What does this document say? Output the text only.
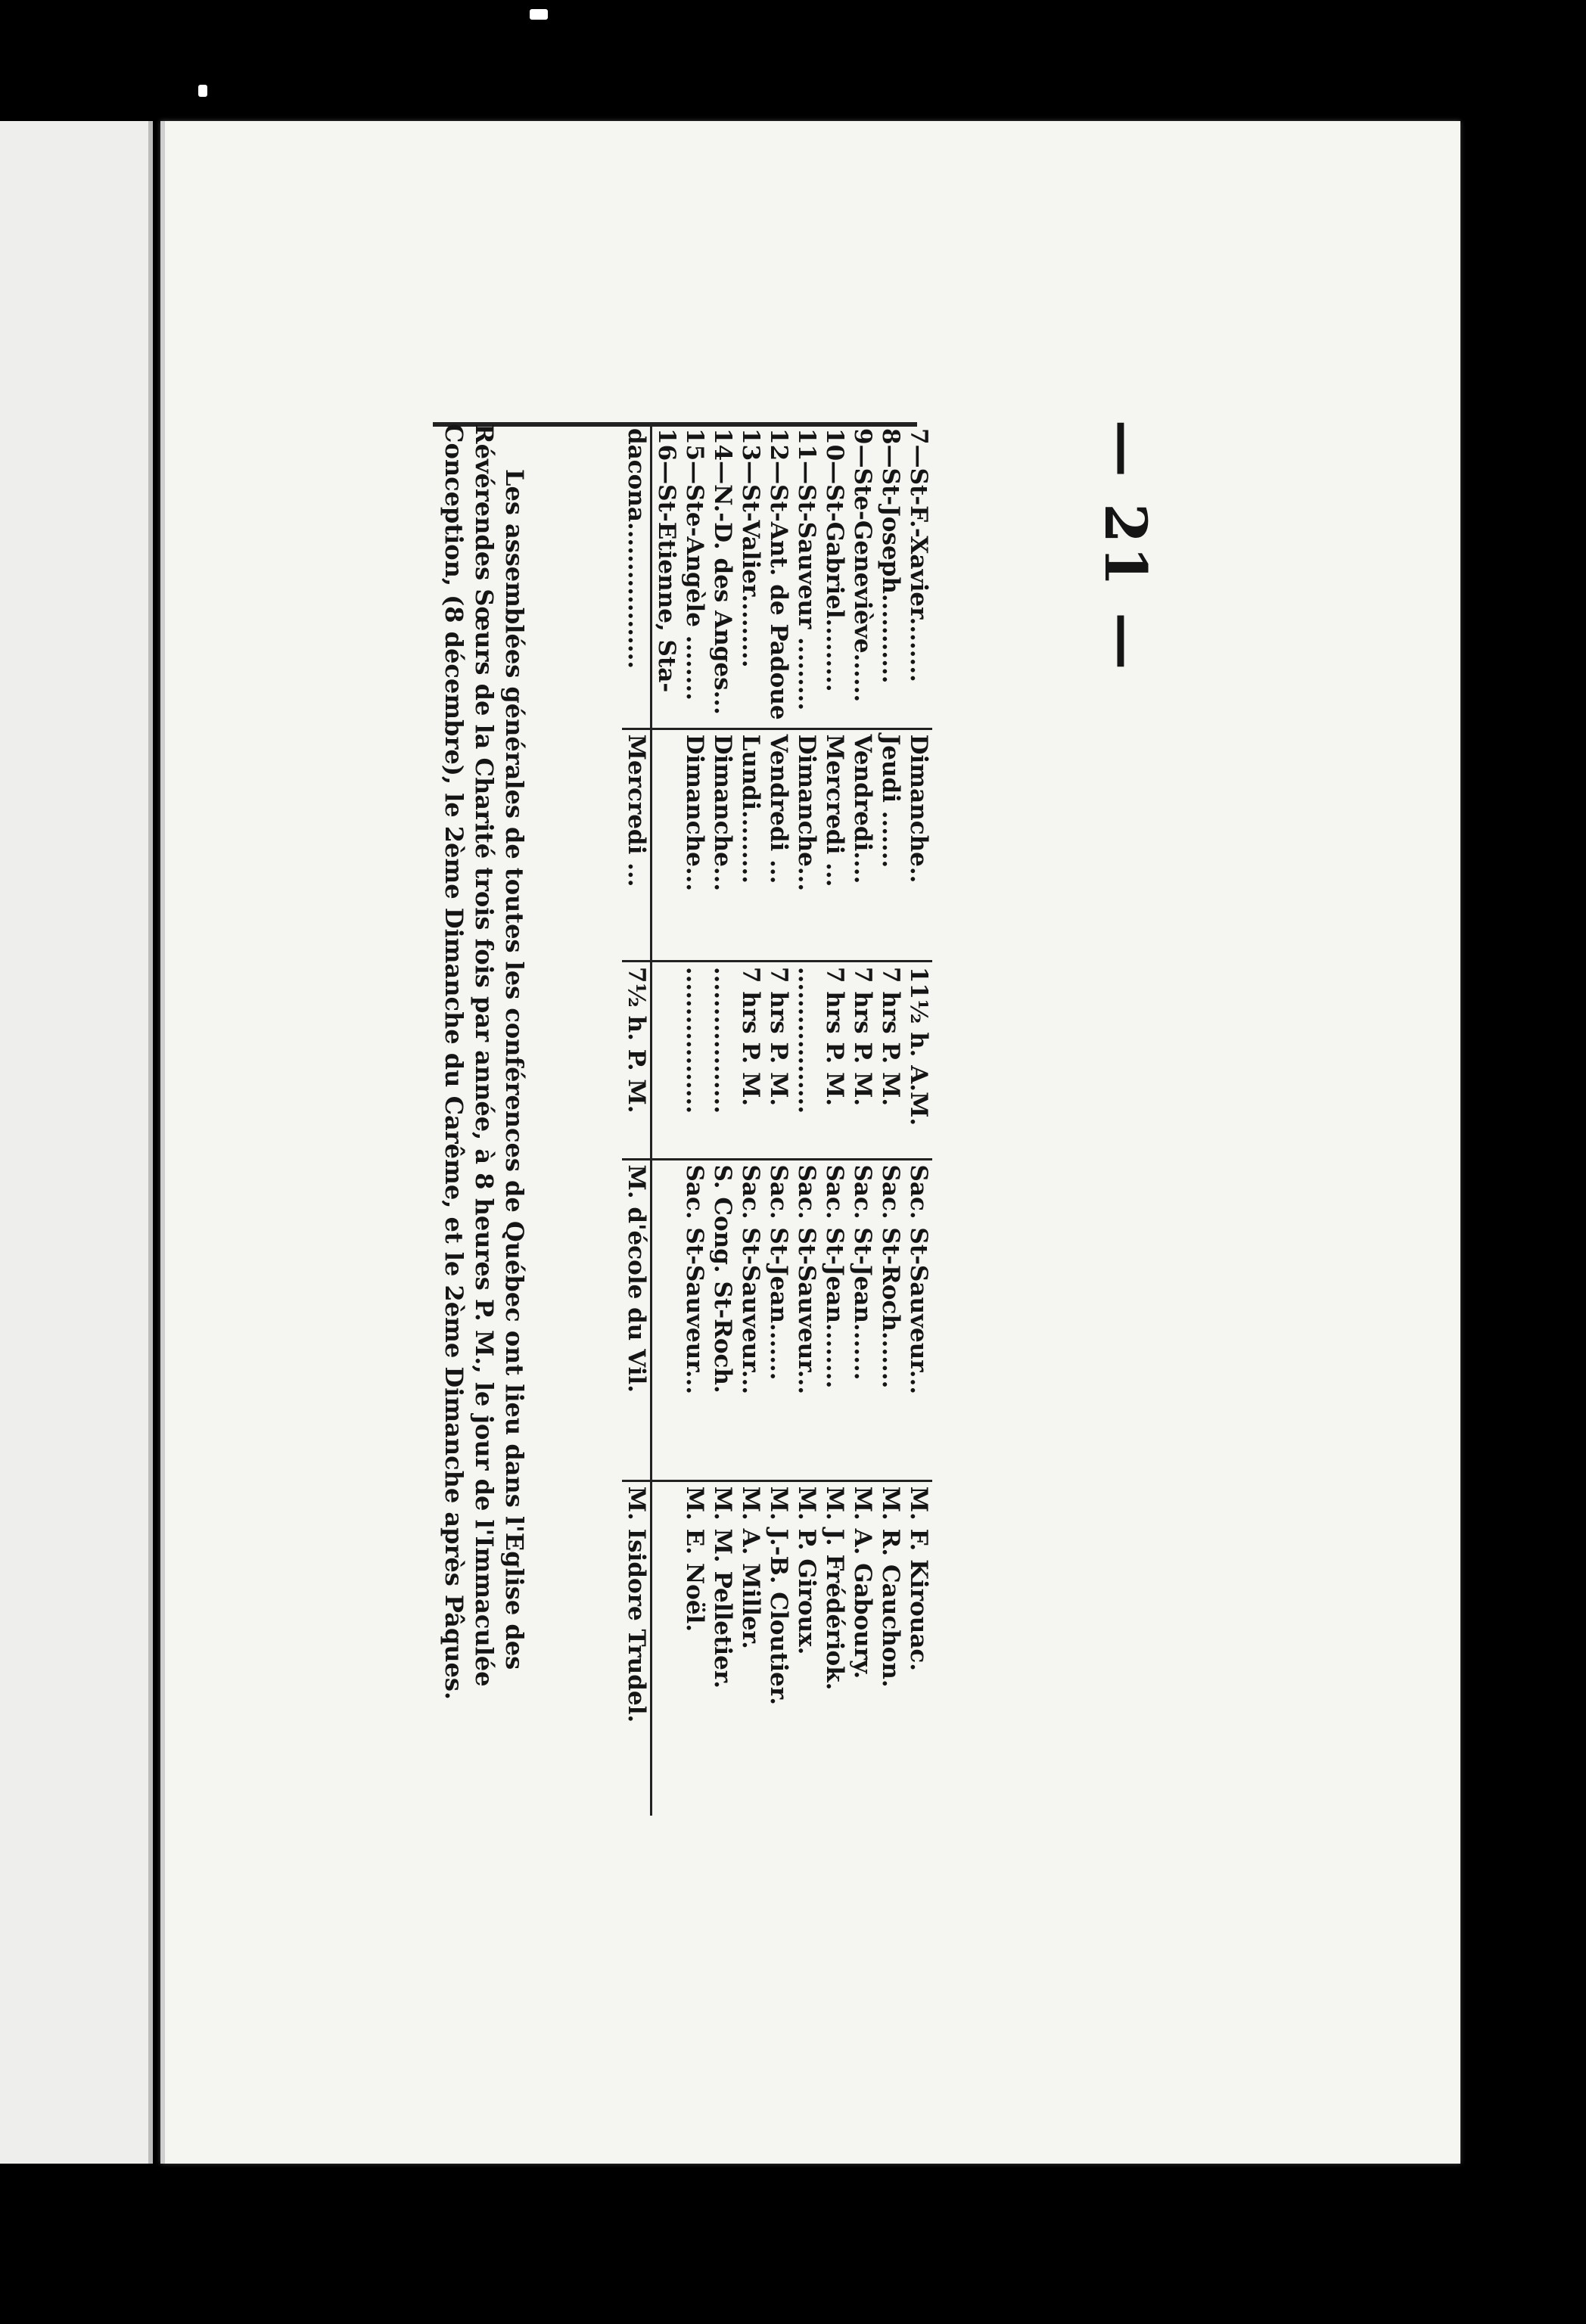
— 21 —
7—St-F.-Xavier........	Dimanche..	11½ h. A.M.	Sac. St-Sauveur...	M. F. Kirouac.
8—St-Joseph...........	Jeudi .......	7 hrs P. M.	Sac. St-Roch.......	M. R. Cauchon.
9—Ste-Geneviève......	Vendredi....	7 hrs P. M.	Sac. St-Jean.......	M. A. Gaboury.
10—St-Gabriel.........	Mercredi ...	7 hrs P. M.	Sac. St-Jean........	M. J. Frédériok.
11—St-Sauveur .........	Dimanche...	..................	Sac. St-Sauveur...	M. P. Giroux.
12—St-Ant. de Padoue	Vendredi ...	7 hrs P. M.	Sac. St-Jean.......	M. J.-B. Cloutier.
13—St-Valier.........	Lundi.........	7 hrs P. M.	Sac. St-Sauveur...	M. A. Miller.
14—N.-D. des Anges...	Dimanche...	..................	S. Cong. St-Roch.	M. M. Pelletier.
15—Ste-Angèle ........	Dimanche...	..................	Sac. St-Sauveur...	M. E. Noël.
16—St-Etienne, Sta-				
dacona..................	Mercredi ...	7½ h. P. M.	M. d'école du Vil.	M. Isidore Trudel.

Les assemblées générales de toutes les conférences de Québec ont lieu dans l'Eglise des Révérendes Sœurs de la Charité trois fois par année, à 8 heures P. M., le jour de l'Immaculée Conception, (8 décembre), le 2ème Dimanche du Carême, et le 2ème Dimanche après Pâques.
